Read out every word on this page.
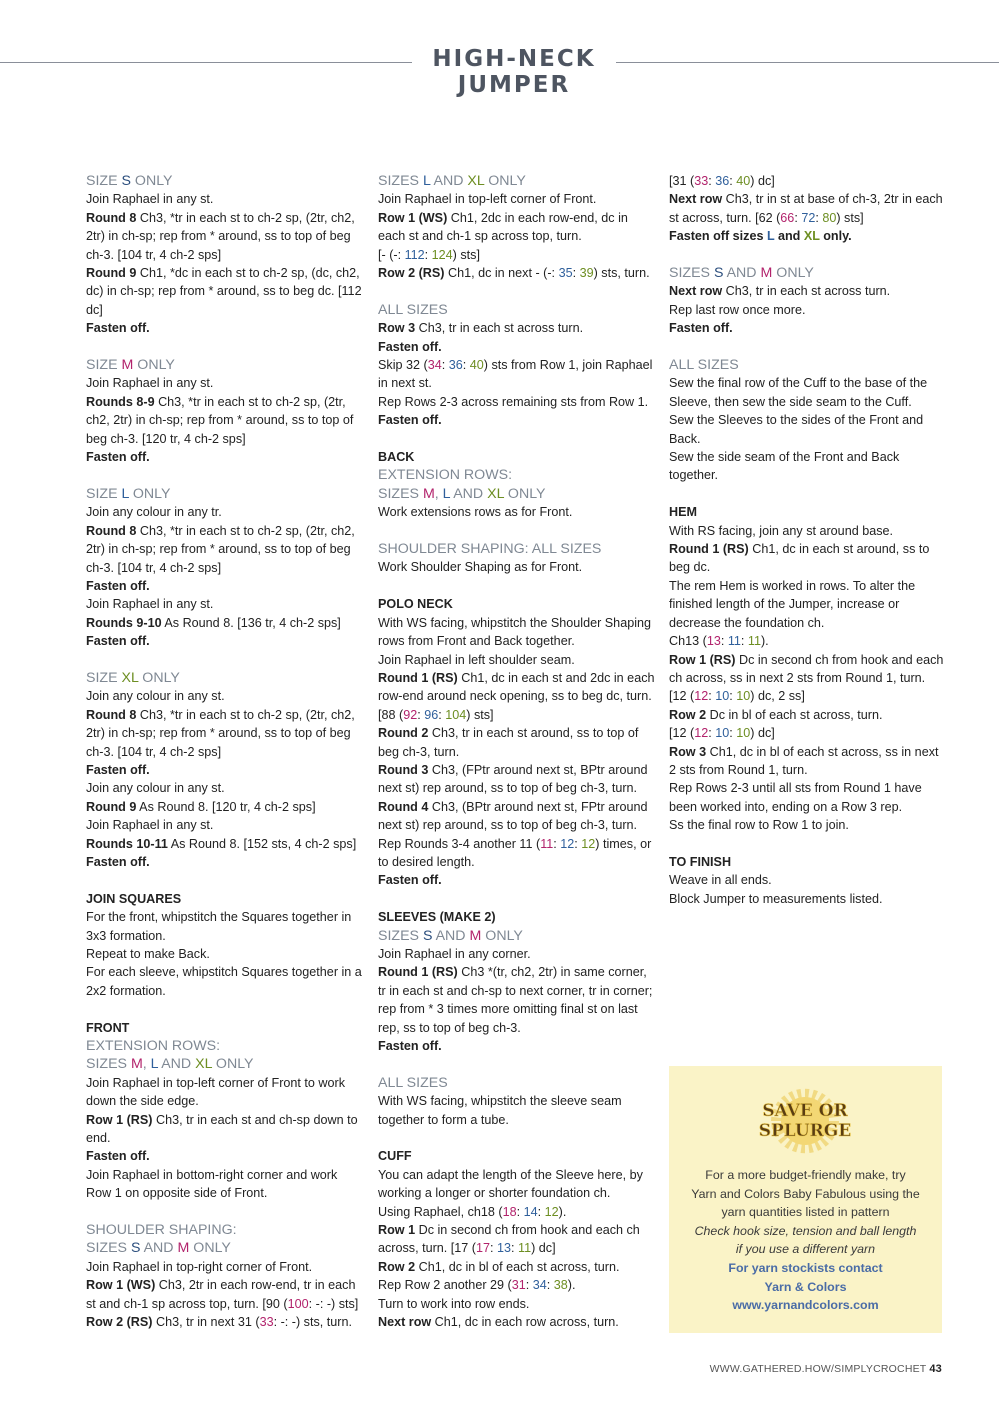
HIGH-NECK JUMPER

SIZE S ONLY

Join Raphael in any st.

Round 8 Ch3, *tr in each st to ch-2 sp, (2tr, ch2, 2tr) in ch-sp; rep from * around, ss to top of beg ch-3. [104 tr, 4 ch-2 sps]

Round 9 Ch1, *dc in each st to ch-2 sp, (dc, ch2, dc) in ch-sp; rep from * around, ss to beg dc. [112 dc]

Fasten off.

SIZE M ONLY

Join Raphael in any st.

Rounds 8-9 Ch3, *tr in each st to ch-2 sp, (2tr, ch2, 2tr) in ch-sp; rep from * around, ss to top of beg ch-3. [120 tr, 4 ch-2 sps]

Fasten off.

SIZE L ONLY

Join any colour in any tr.

Round 8 Ch3, *tr in each st to ch-2 sp, (2tr, ch2, 2tr) in ch-sp; rep from * around, ss to top of beg ch-3. [104 tr, 4 ch-2 sps]

Fasten off.

Join Raphael in any st.

Rounds 9-10 As Round 8. [136 tr, 4 ch-2 sps]

Fasten off.

SIZE XL ONLY

Join any colour in any st.

Round 8 Ch3, *tr in each st to ch-2 sp, (2tr, ch2, 2tr) in ch-sp; rep from * around, ss to top of beg ch-3. [104 tr, 4 ch-2 sps]

Fasten off.

Join any colour in any st.

Round 9 As Round 8. [120 tr, 4 ch-2 sps]

Join Raphael in any st.

Rounds 10-11 As Round 8. [152 sts, 4 ch-2 sps]

Fasten off.

JOIN SQUARES

For the front, whipstitch the Squares together in 3x3 formation.

Repeat to make Back.

For each sleeve, whipstitch Squares together in a 2x2 formation.

FRONT

EXTENSION ROWS:

SIZES M, L AND XL ONLY

Join Raphael in top-left corner of Front to work down the side edge.

Row 1 (RS) Ch3, tr in each st and ch-sp down to end.

Fasten off.

Join Raphael in bottom-right corner and work Row 1 on opposite side of Front.

SHOULDER SHAPING:

SIZES S AND M ONLY

Join Raphael in top-right corner of Front.

Row 1 (WS) Ch3, 2tr in each row-end, tr in each st and ch-1 sp across top, turn. [90 (100: -: -) sts]

Row 2 (RS) Ch3, tr in next 31 (33: -: -) sts, turn.

SIZES L AND XL ONLY

Join Raphael in top-left corner of Front.

Row 1 (WS) Ch1, 2dc in each row-end, dc in each st and ch-1 sp across top, turn.

[- (-: 112: 124) sts]

Row 2 (RS) Ch1, dc in next - (-: 35: 39) sts, turn.

ALL SIZES

Row 3 Ch3, tr in each st across turn.

Fasten off.

Skip 32 (34: 36: 40) sts from Row 1, join Raphael in next st.

Rep Rows 2-3 across remaining sts from Row 1.

Fasten off.

BACK

EXTENSION ROWS:

SIZES M, L AND XL ONLY

Work extensions rows as for Front.

SHOULDER SHAPING: ALL SIZES

Work Shoulder Shaping as for Front.

POLO NECK

With WS facing, whipstitch the Shoulder Shaping rows from Front and Back together.

Join Raphael in left shoulder seam.

Round 1 (RS) Ch1, dc in each st and 2dc in each row-end around neck opening, ss to beg dc, turn. [88 (92: 96: 104) sts]

Round 2 Ch3, tr in each st around, ss to top of beg ch-3, turn.

Round 3 Ch3, (FPtr around next st, BPtr around next st) rep around, ss to top of beg ch-3, turn.

Round 4 Ch3, (BPtr around next st, FPtr around next st) rep around, ss to top of beg ch-3, turn.

Rep Rounds 3-4 another 11 (11: 12: 12) times, or to desired length.

Fasten off.

SLEEVES (MAKE 2)

SIZES S AND M ONLY

Join Raphael in any corner.

Round 1 (RS) Ch3 *(tr, ch2, 2tr) in same corner, tr in each st and ch-sp to next corner, tr in corner; rep from * 3 times more omitting final st on last rep, ss to top of beg ch-3.

Fasten off.

ALL SIZES

With WS facing, whipstitch the sleeve seam together to form a tube.

CUFF

You can adapt the length of the Sleeve here, by working a longer or shorter foundation ch.

Using Raphael, ch18 (18: 14: 12).

Row 1 Dc in second ch from hook and each ch across, turn. [17 (17: 13: 11) dc]

Row 2 Ch1, dc in bl of each st across, turn.

Rep Row 2 another 29 (31: 34: 38).

Turn to work into row ends.

Next row Ch1, dc in each row across, turn.

[31 (33: 36: 40) dc]

Next row Ch3, tr in st at base of ch-3, 2tr in each st across, turn. [62 (66: 72: 80) sts]

Fasten off sizes L and XL only.

SIZES S AND M ONLY

Next row Ch3, tr in each st across turn.

Rep last row once more.

Fasten off.

ALL SIZES

Sew the final row of the Cuff to the base of the Sleeve, then sew the side seam to the Cuff.

Sew the Sleeves to the sides of the Front and Back.

Sew the side seam of the Front and Back together.

HEM

With RS facing, join any st around base.

Round 1 (RS) Ch1, dc in each st around, ss to beg dc.

The rem Hem is worked in rows. To alter the finished length of the Jumper, increase or decrease the foundation ch.

Ch13 (13: 11: 11).

Row 1 (RS) Dc in second ch from hook and each ch across, ss in next 2 sts from Round 1, turn. [12 (12: 10: 10) dc, 2 ss]

Row 2 Dc in bl of each st across, turn.

[12 (12: 10: 10) dc]

Row 3 Ch1, dc in bl of each st across, ss in next 2 sts from Round 1, turn.

Rep Rows 2-3 until all sts from Round 1 have been worked into, ending on a Row 3 rep.

Ss the final row to Row 1 to join.

TO FINISH

Weave in all ends.

Block Jumper to measurements listed.

SAVE OR
SPLURGE
For a more budget-friendly make, try
Yarn and Colors Baby Fabulous using the
yarn quantities listed in pattern
Check hook size, tension and ball length
if you use a different yarn
For yarn stockists contact
Yarn & Colors
www.yarnandcolors.com
WWW.GATHERED.HOW/SIMPLYCROCHET 43
